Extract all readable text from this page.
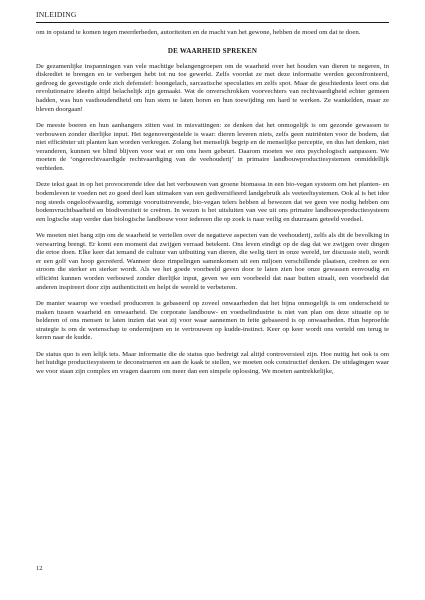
INLEIDING

om in opstand te komen tegen meerderheden, autoriteiten en de macht van het gewone, hebben de moed om dat te doen.

DE WAARHEID SPREKEN

De gezamenlijke inspanningen van vele machtige belangengroepen om de waarheid over het houden van dieren te negeren, in diskrediet te brengen en te verbergen hebt tot nu toe gewerkt. Zelfs voordat ze met deze informatie werden geconfronteerd, gedroeg de gevestigde orde zich defensief: hoongelach, sarcastische speculaties en zelfs spot. Maar de geschiedenis leert ons dat revolutionaire ideeën altijd belachelijk zijn gemaakt. Wat de onverschrokken voorvechters van rechtvaardigheid echter gemeen hadden, was hun vasthoudendheid om hun stem te laten horen en hun toewijding om hard te werken. Ze wankelden, maar ze bleven doorgaan!

De meeste boeren en hun aanhangers zitten vast in misvattingen: ze denken dat het onmogelijk is om gezonde gewassen te verbouwen zonder dierlijke input. Het tegenovergestelde is waar: dieren leveren niets, zelfs geen nutriënten voor de bodem, dat niet efficiënter uit planten kan worden verkregen. Zolang het menselijk begrip en de menselijke perceptie, en dus het denken, niet veranderen, kunnen we blind blijven voor wat er om ons heen gebeurt. Daarom moeten we ons psychologisch aanpassen. We moeten de ‘ongerechtvaardigde rechtvaardiging van de veehouderij’ in primaire landbouwproductiesystemen onmiddellijk verbieden.

Deze tekst gaat in op het provocerende idee dat het verbouwen van groene biomassa in een bio-vegan systeem om het planten- en bodemleven te voeden net zo goed deel kan uitmaken van een gediversifieerd landgebruik als veeteeltsystemen. Ook al is het idee nog steeds ongeloofwaardig, sommige vooruitstrevende, bio-vegan telers hebben al bewezen dat we geen vee nodig hebben om bodemvruchtbaarheid en biodiversiteit te creëren. In wezen is het uitsluiten van vee uit ons primaire landbouwproductiesysteem een logische stap verder dan biologische landbouw voor iedereen die op zoek is naar veilig en duurzaam geteeld voedsel.

We moeten niet bang zijn om de waarheid te vertellen over de negatieve aspecten van de veehouderij, zelfs als dit de bevolking in verwarring brengt. Er komt een moment dat zwijgen verraad betekent. Ons leven eindigt op de dag dat we zwijgen over dingen die ertoe doen. Elke keer dat iemand de cultuur van uitbuiting van dieren, die welig tiert in onze wereld, ter discussie stelt, wordt er een golf van hoop gecreëerd. Wanneer deze rimpelingen samenkomen uit een miljoen verschillende plaatsen, creëren ze een stroom die sterker en sterker wordt. Als we het goede voorbeeld geven door te laten zien hoe onze gewassen eenvoudig en efficiënt kunnen worden verbouwd zonder dierlijke input, geven we een voorbeeld dat naar buiten straalt, een voorbeeld dat anderen inspireert door zijn authenticiteit en helpt de wereld te verbeteren.

De manier waarop we voedsel produceren is gebaseerd op zoveel onwaarheden dat het bijna onmogelijk is om onderscheid te maken tussen waarheid en onwaarheid. De corporate landbouw- en voedselindustrie is niet van plan om deze situatie op te helderen of ons mensen te laten inzien dat wat zij voor waar aannemen in feite gebaseerd is op onwaarheden. Hun beproefde strategie is om de wetenschap te ondermijnen en te vertrouwen op kudde-instinct. Keer op keer wordt ons verteld om terug te keren naar de kudde.

De status quo is een lelijk iets. Maar informatie die de status quo bedreigt zal altijd controversieel zijn. Hoe nuttig het ook is om het huidige productiesysteem te deconstrueren en aan de kaak te stellen, we moeten ook constructief denken. De uitdagingen waar we voor staan zijn complex en vragen daarom om meer dan een simpele oplossing. We moeten aantrekkelijke,

12
